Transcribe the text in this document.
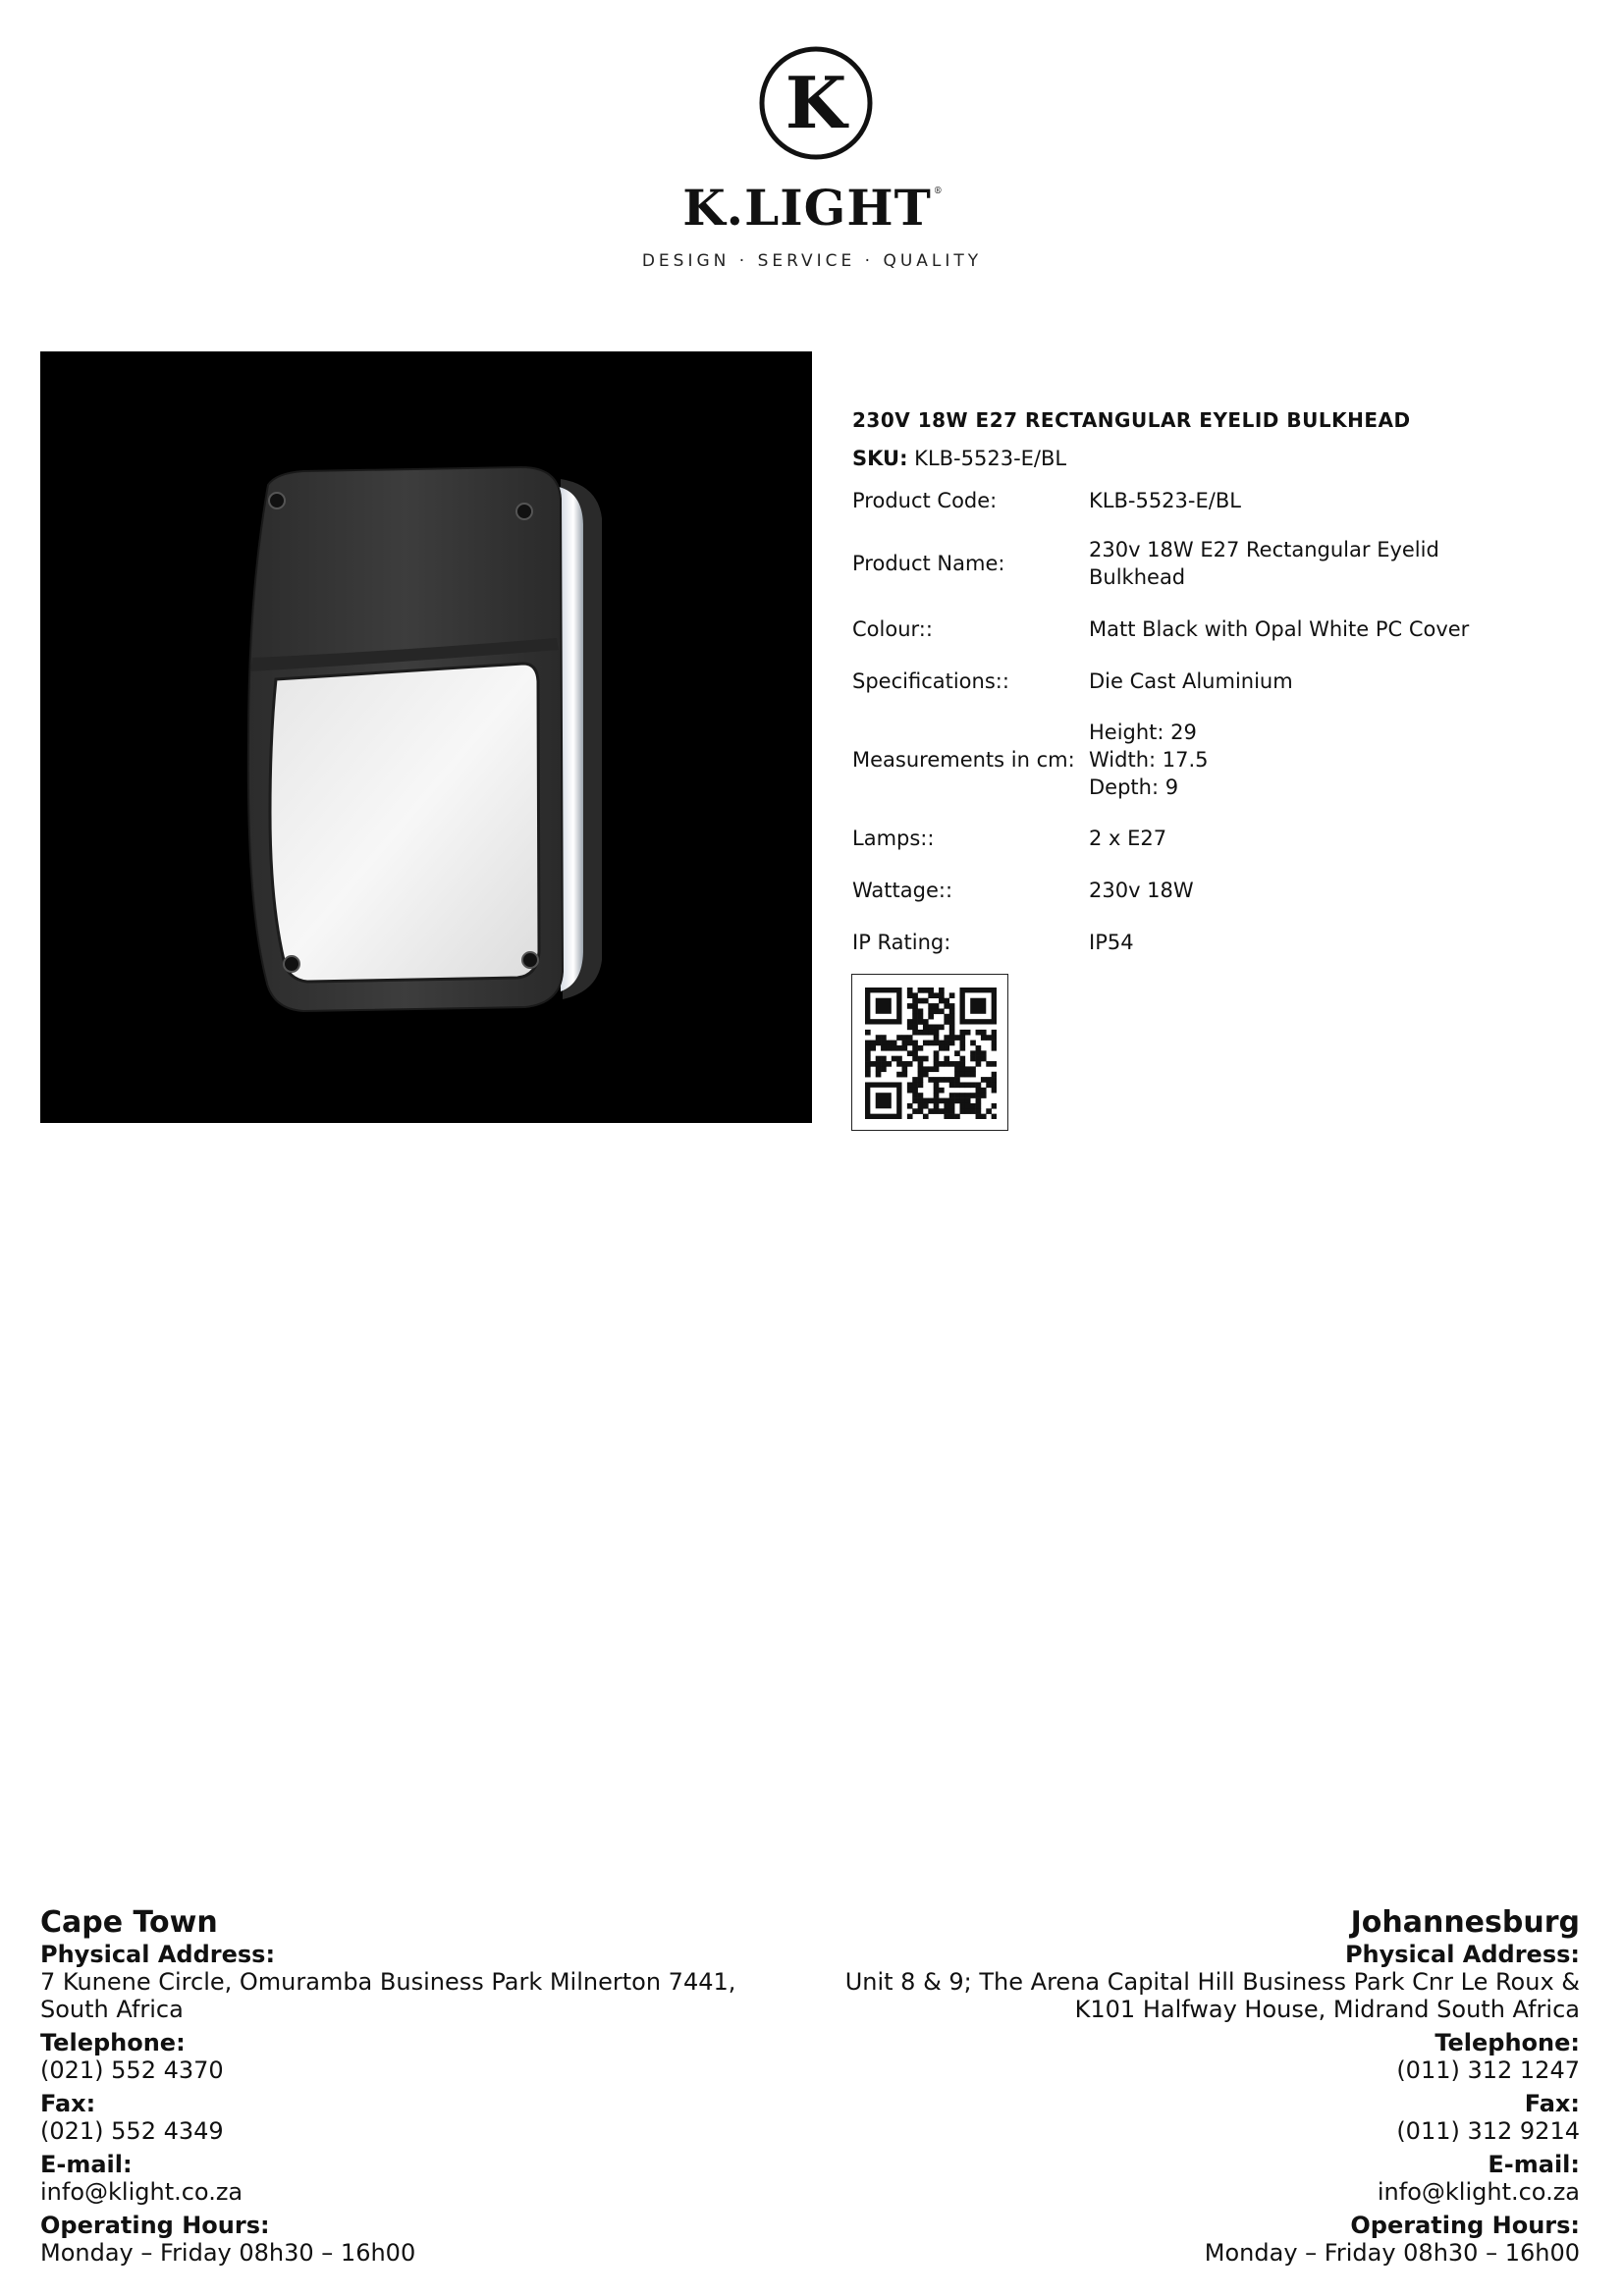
K
K.LIGHT ®
DESIGN · SERVICE · QUALITY
230V 18W E27 RECTANGULAR EYELID BULKHEAD
SKU: KLB-5523-E/BL
Product Code:	KLB-5523-E/BL
Product Name:
230v 18W E27 Rectangular Eyelid Bulkhead
Colour::	Matt Black with Opal White PC Cover
Specifications::	Die Cast Aluminium
Measurements in cm:
Height: 29
Width: 17.5
Depth: 9
Lamps::	2 x E27
Wattage::	230v 18W
IP Rating:	IP54
Cape Town
Physical Address:
7 Kunene Circle, Omuramba Business Park Milnerton 7441, South Africa
Telephone:
(021) 552 4370
Fax:
(021) 552 4349
E-mail:
info@klight.co.za
Operating Hours:
Monday – Friday 08h30 – 16h00
Johannesburg
Physical Address:
Unit 8 & 9; The Arena Capital Hill Business Park Cnr Le Roux & K101 Halfway House, Midrand South Africa
Telephone:
(011) 312 1247
Fax:
(011) 312 9214
E-mail:
info@klight.co.za
Operating Hours:
Monday – Friday 08h30 – 16h00
